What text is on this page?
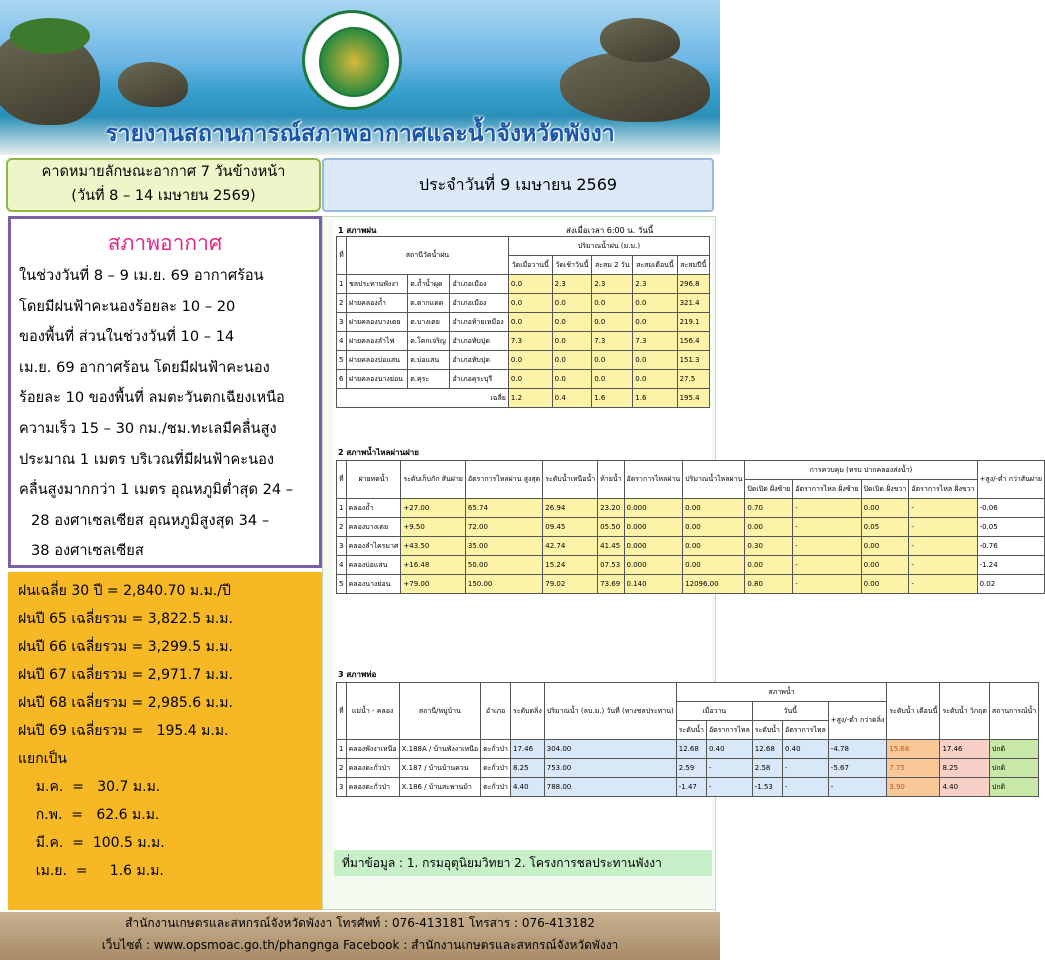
รายงานสถานการณ์สภาพอากาศและน้ำจังหวัดพังงา
คาดหมายลักษณะอากาศ 7 วันข้างหน้า
(วันที่ 8 – 14 เมษายน 2569)
ประจำวันที่ 9 เมษายน 2569
สภาพอากาศ
ในช่วงวันที่ 8 – 9 เม.ย. 69 อากาศร้อน
โดยมีฝนฟ้าคะนองร้อยละ 10 – 20
ของพื้นที่ ส่วนในช่วงวันที่ 10 – 14
เม.ย. 69 อากาศร้อน โดยมีฝนฟ้าคะนอง
ร้อยละ 10 ของพื้นที่ ลมตะวันตกเฉียงเหนือ
ความเร็ว 15 – 30 กม./ชม.ทะเลมีคลื่นสูง
ประมาณ 1 เมตร บริเวณที่มีฝนฟ้าคะนอง
คลื่นสูงมากกว่า 1 เมตร อุณหภูมิต่ำสุด 24 –
28 องศาเซลเซียส อุณหภูมิสูงสุด 34 –
38 องศาเซลเซียส
ฝนเฉลี่ย 30 ปี = 2,840.70 ม.ม./ปี
ฝนปี 65 เฉลี่ยรวม = 3,822.5 ม.ม.
ฝนปี 66 เฉลี่ยรวม = 3,299.5 ม.ม.
ฝนปี 67 เฉลี่ยรวม = 2,971.7 ม.ม.
ฝนปี 68 เฉลี่ยรวม = 2,985.6 ม.ม.
ฝนปี 69 เฉลี่ยรวม =   195.4 ม.ม.
แยกเป็น
ม.ค.  =   30.7 ม.ม.
ก.พ.  =   62.6 ม.ม.
มี.ค.  =  100.5 ม.ม.
เม.ย.  =     1.6 ม.ม.
1 สภาพฝน	ส่งเมื่อเวลา 6:00 น. วันนี้
ที่	สถานีวัดน้ำฝน			ปริมาณน้ำฝน (ม.ม.)				
				วัดเมื่อวานนี้	วัดเช้าวันนี้	สะสม 2 วัน	สะสมเดือนนี้	สะสมปีนี้
1	ชลประทานพังงา	ต.ถ้ำน้ำผุด	อำเภอเมือง	0.0	2.3	2.3	2.3	296.8
2	ฝายคลองถ้ำ	ต.ตากแดด	อำเภอเมือง	0.0	0.0	0.0	0.0	321.4
3	ฝายคลองบางเตย	ต.บางเตย	อำเภอท้ายเหมือง	0.0	0.0	0.0	0.0	219.1
4	ฝายคลองลำไฟ	ต.โคกเจริญ	อำเภอทับปุด	7.3	0.0	7.3	7.3	156.4
5	ฝายคลองบ่อแสน	ต.บ่อแสน	อำเภอทับปุด	0.0	0.0	0.0	0.0	151.3
6	ฝายคลองนางย่อน	ต.คุระ	อำเภอคุระบุรี	0.0	0.0	0.0	0.0	27.5
เฉลี่ย				1.2	0.4	1.6	1.6	195.4
2 สภาพน้ำไหลผ่านฝาย
ที่	ฝายทดน้ำ	ระดับเก็บกัก สันฝาย	อัตราการไหลผ่าน สูงสุด	ระดับน้ำเหนือน้ำ	ท้ายน้ำ	อัตราการไหลผ่าน	ปริมาณน้ำไหลผ่าน	การควบคุม (ทรบ ปากคลองส่งน้ำ)				+สูง/-ต่ำ กว่าสันฝาย
								ปิดเปิด ฝั่งซ้าย	อัตราการไหล ฝั่งซ้าย	ปิดเปิด ฝั่งขวา	อัตราการไหล ฝั่งขวา	
1	คลองถ้ำ	+27.00	65.74	26.94	23.20	0.000	0.00	0.70	-	0.00	-	-0.06
2	คลองบางเตย	+9.50	72.00	09.45	05.50	0.000	0.00	0.00	-	0.05	-	-0.05
3	คลองลำไครมาศ	+43.50	35.00	42.74	41.45	0.000	0.00	0.30	-	0.00	-	-0.76
4	คลองบ่อแสน	+16.48	50.00	15.24	07.53	0.000	0.00	0.00	-	0.00	-	-1.24
5	คลองนางย่อน	+79.00	150.00	79.02	73.69	0.140	12096.00	0.80	-	0.00	-	0.02
3 สภาพท่อ
ที่	แม่น้ำ - คลอง	สถานี/หมู่บ้าน	อำเภอ	ระดับตลิ่ง	ปริมาณน้ำ (ลบ.ม.) วันที่ (ทางชลประทาน)	สภาพน้ำ					ระดับน้ำ เดือนนี้	ระดับน้ำ วิกฤต	สถานการณ์น้ำ
						เมื่อวาน		วันนี้		+สูง/-ต่ำ กว่าตลิ่ง			
						ระดับน้ำ	อัตราการไหล	ระดับน้ำ	อัตราการไหล				
1	คลองพังงาเหนือ	X.188A / บ้านพังงาเหนือ	ตะกั่วป่า	17.46	304.00	12.68	0.40	12.68	0.40	-4.78	15.68	17.46	ปกติ
2	คลองตะกั่วป่า	X.187 / บ้านบ้านควน	ตะกั่วป่า	8.25	753.00	2.59	-	2.58	-	-5.67	7.75	8.25	ปกติ
3	คลองตะกั่วป่า	X.186 / บ้านสะพานม้า	ตะกั่วป่า	4.40	788.00	-1.47	-	-1.53	-	-	3.90	4.40	ปกติ
ที่มาข้อมูล : 1. กรมอุตุนิยมวิทยา 2. โครงการชลประทานพังงา
สำนักงานเกษตรและสหกรณ์จังหวัดพังงา โทรศัพท์ : 076-413181 โทรสาร : 076-413182
เว็บไซต์ : www.opsmoac.go.th/phangnga Facebook : สำนักงานเกษตรและสหกรณ์จังหวัดพังงา
